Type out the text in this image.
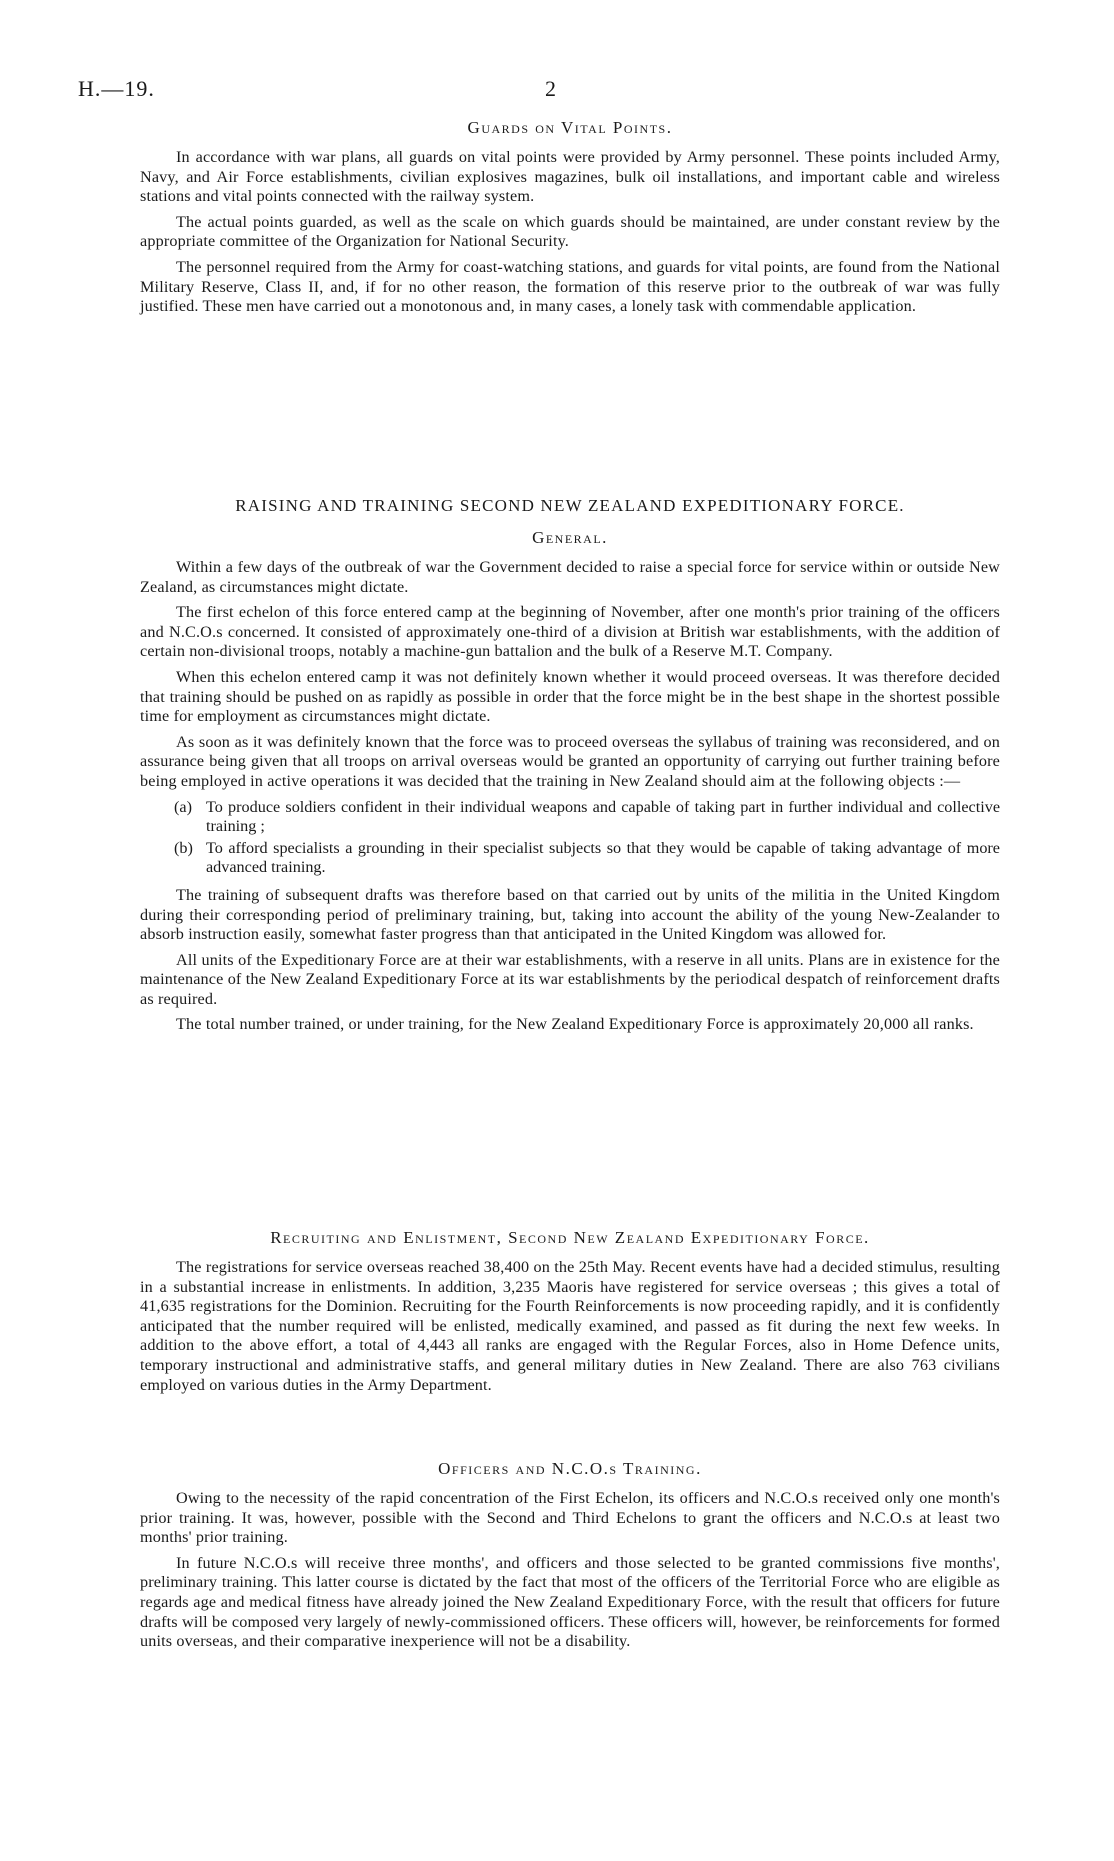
H.—19.	2
Guards on Vital Points.

In accordance with war plans, all guards on vital points were provided by Army personnel. These points included Army, Navy, and Air Force establishments, civilian explosives magazines, bulk oil installations, and important cable and wireless stations and vital points connected with the railway system.

The actual points guarded, as well as the scale on which guards should be maintained, are under constant review by the appropriate committee of the Organization for National Security.

The personnel required from the Army for coast-watching stations, and guards for vital points, are found from the National Military Reserve, Class II, and, if for no other reason, the formation of this reserve prior to the outbreak of war was fully justified. These men have carried out a monotonous and, in many cases, a lonely task with commendable application.

RAISING AND TRAINING SECOND NEW ZEALAND EXPEDITIONARY FORCE.
General.

Within a few days of the outbreak of war the Government decided to raise a special force for service within or outside New Zealand, as circumstances might dictate.

The first echelon of this force entered camp at the beginning of November, after one month's prior training of the officers and N.C.O.s concerned. It consisted of approximately one-third of a division at British war establishments, with the addition of certain non-divisional troops, notably a machine-gun battalion and the bulk of a Reserve M.T. Company.

When this echelon entered camp it was not definitely known whether it would proceed overseas. It was therefore decided that training should be pushed on as rapidly as possible in order that the force might be in the best shape in the shortest possible time for employment as circumstances might dictate.

As soon as it was definitely known that the force was to proceed overseas the syllabus of training was reconsidered, and on assurance being given that all troops on arrival overseas would be granted an opportunity of carrying out further training before being employed in active operations it was decided that the training in New Zealand should aim at the following objects :—

(a) To produce soldiers confident in their individual weapons and capable of taking part in further individual and collective training ;
(b) To afford specialists a grounding in their specialist subjects so that they would be capable of taking advantage of more advanced training.

The training of subsequent drafts was therefore based on that carried out by units of the militia in the United Kingdom during their corresponding period of preliminary training, but, taking into account the ability of the young New-Zealander to absorb instruction easily, somewhat faster progress than that anticipated in the United Kingdom was allowed for.

All units of the Expeditionary Force are at their war establishments, with a reserve in all units. Plans are in existence for the maintenance of the New Zealand Expeditionary Force at its war establishments by the periodical despatch of reinforcement drafts as required.

The total number trained, or under training, for the New Zealand Expeditionary Force is approximately 20,000 all ranks.

Recruiting and Enlistment, Second New Zealand Expeditionary Force.

The registrations for service overseas reached 38,400 on the 25th May. Recent events have had a decided stimulus, resulting in a substantial increase in enlistments. In addition, 3,235 Maoris have registered for service overseas ; this gives a total of 41,635 registrations for the Dominion. Recruiting for the Fourth Reinforcements is now proceeding rapidly, and it is confidently anticipated that the number required will be enlisted, medically examined, and passed as fit during the next few weeks. In addition to the above effort, a total of 4,443 all ranks are engaged with the Regular Forces, also in Home Defence units, temporary instructional and administrative staffs, and general military duties in New Zealand. There are also 763 civilians employed on various duties in the Army Department.

Officers and N.C.O.s Training.

Owing to the necessity of the rapid concentration of the First Echelon, its officers and N.C.O.s received only one month's prior training. It was, however, possible with the Second and Third Echelons to grant the officers and N.C.O.s at least two months' prior training.

In future N.C.O.s will receive three months', and officers and those selected to be granted commissions five months', preliminary training. This latter course is dictated by the fact that most of the officers of the Territorial Force who are eligible as regards age and medical fitness have already joined the New Zealand Expeditionary Force, with the result that officers for future drafts will be composed very largely of newly-commissioned officers. These officers will, however, be reinforcements for formed units overseas, and their comparative inexperience will not be a disability.
